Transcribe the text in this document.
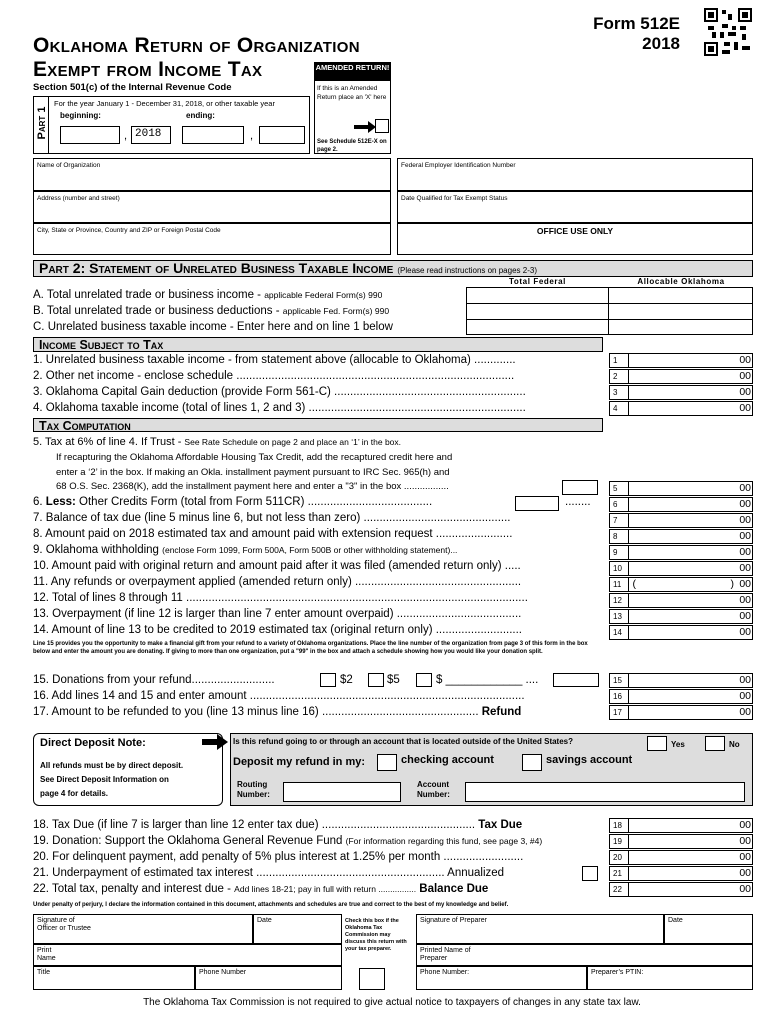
Oklahoma Return of Organization
Exempt from Income Tax
Form 512E
2018
Section 501(c) of the Internal Revenue Code
AMENDED RETURN!
If this is an Amended Return place an 'X' here
See Schedule 512E-X on page 2.
Part 1
For the year January 1 - December 31, 2018, or other taxable year
beginning:	ending:
, 2018	,
Name of Organization	Federal Employer Identification Number
Address (number and street)	Date Qualified for Tax Exempt Status
City, State or Province, Country and ZIP or Foreign Postal Code	OFFICE USE ONLY
Part 2: Statement of Unrelated Business Taxable Income (Please read instructions on pages 2-3)
Total Federal	Allocable Oklahoma
A. Total unrelated trade or business income - applicable Federal Form(s) 990
B. Total unrelated trade or business deductions - applicable Fed. Form(s) 990
C. Unrelated business taxable income - Enter here and on line 1 below
Income Subject to Tax
1. Unrelated business taxable income - from statement above (allocable to Oklahoma) .............
2. Other net income - enclose schedule .......................................................................................
3. Oklahoma Capital Gain deduction (provide Form 561-C) ............................................................
4. Oklahoma taxable income (total of lines 1, 2 and 3) ....................................................................
Tax Computation
5. Tax at 6% of line 4. If Trust - See Rate Schedule on page 2 and place an ‘1’ in the box.
If recapturing the Oklahoma Affordable Housing Tax Credit, add the recaptured credit here and
enter a ‘2’ in the box. If making an Okla. installment payment pursuant to IRC Sec. 965(h) and
68 O.S. Sec. 2368(K), add the installment payment here and enter a "3" in the box .................
6. Less: Other Credits Form (total from Form 511CR) .......................................	........
7. Balance of tax due (line 5 minus line 6, but not less than zero) ..............................................
8. Amount paid on 2018 estimated tax and amount paid with extension request ........................
9. Oklahoma withholding (enclose Form 1099, Form 500A, Form 500B or other withholding statement)...
10. Amount paid with original return and amount paid after it was filed (amended return only) .....
11. Any refunds or overpayment applied (amended return only) ....................................................
12. Total of lines 8 through 11 ...........................................................................................................
13. Overpayment (if line 12 is larger than line 7 enter amount overpaid) .......................................
14. Amount of line 13 to be credited to 2019 estimated tax (original return only) ...........................
Line 15 provides you the opportunity to make a financial gift from your refund to a variety of Oklahoma organizations. Place the line number of the organization from page 3 of this form in the box below and enter the amount you are donating. If giving to more than one organization, put a "99" in the box and attach a schedule showing how you would like your donation split.
15. Donations from your refund..........................	$2	$5	$ ____________ ....
16. Add lines 14 and 15 and enter amount ......................................................................................
17. Amount to be refunded to you (line 13 minus line 16) ................................................. Refund
Direct Deposit Note:
All refunds must be by direct deposit.
See Direct Deposit Information on
page 4 for details.
Is this refund going to or through an account that is located outside of the United States?	Yes	No
Deposit my refund in my:	checking account	savings account
Routing Number:
Account Number:
18. Tax Due (if line 7 is larger than line 12 enter tax due) ................................................ Tax Due
19. Donation: Support the Oklahoma General Revenue Fund (For information regarding this fund, see page 3, #4)
20. For delinquent payment, add penalty of 5% plus interest at 1.25% per month .........................
21. Underpayment of estimated tax interest ........................................................... Annualized
22. Total tax, penalty and interest due - Add lines 18-21; pay in full with return ................ Balance Due
Under penalty of perjury, I declare the information contained in this document, attachments and schedules are true and correct to the best of my knowledge and belief.
Signature of Officer or Trustee
Date
Print Name
Title	Phone Number
Check this box if the Oklahoma Tax Commission may discuss this return with your tax preparer.
Signature of Preparer	Date
Printed Name of Preparer
Phone Number:	Preparer’s PTIN:
The Oklahoma Tax Commission is not required to give actual notice to taxpayers of changes in any state tax law.
1	00
2	00
3	00
4	00
5	00
6	00
7	00
8	00
9	00
10	00
11	00
(	)
12	00
13	00
14	00
15	00
16	00
17	00
18	00
19	00
20	00
21	00
22	00
